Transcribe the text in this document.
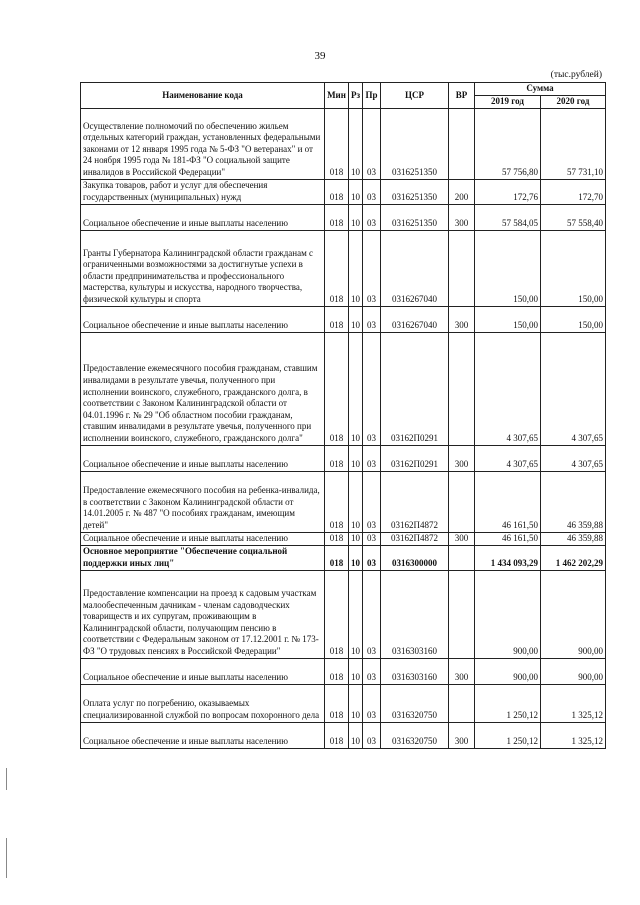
39
(тыс.рублей)
Наименование кода	Мин	Рз	Пр	ЦСР	ВР	Сумма	
						2019 год	2020 год
Осуществление полномочий по обеспечению жильем отдельных категорий граждан, установленных федеральными законами от 12 января 1995 года № 5-ФЗ "О ветеранах" и от 24 ноября 1995 года № 181-ФЗ "О социальной защите инвалидов в Российской Федерации"	018	10	03	0316251350		57 756,80	57 731,10
Закупка товаров, работ и услуг для обеспечения государственных (муниципальных) нужд	018	10	03	0316251350	200	172,76	172,70
Социальное обеспечение и иные выплаты населению	018	10	03	0316251350	300	57 584,05	57 558,40
Гранты Губернатора Калининградской области гражданам с ограниченными возможностями за достигнутые успехи в области предпринимательства и профессионального мастерства, культуры и искусства, народного творчества, физической культуры и спорта	018	10	03	0316267040		150,00	150,00
Социальное обеспечение и иные выплаты населению	018	10	03	0316267040	300	150,00	150,00
Предоставление ежемесячного пособия гражданам, ставшим инвалидами в результате увечья, полученного при исполнении воинского, служебного, гражданского долга, в соответствии с Законом Калининградской области от 04.01.1996 г. № 29 "Об областном пособии гражданам, ставшим инвалидами в результате увечья, полученного при исполнении воинского, служебного, гражданского долга"	018	10	03	03162П0291		4 307,65	4 307,65
Социальное обеспечение и иные выплаты населению	018	10	03	03162П0291	300	4 307,65	4 307,65
Предоставление ежемесячного пособия на ребенка-инвалида, в соответствии с Законом Калининградской области от 14.01.2005 г. № 487 "О пособиях гражданам, имеющим детей"	018	10	03	03162П4872		46 161,50	46 359,88
Социальное обеспечение и иные выплаты населению	018	10	03	03162П4872	300	46 161,50	46 359,88
Основное мероприятие "Обеспечение социальной поддержки иных лиц"	018	10	03	0316300000		1 434 093,29	1 462 202,29
Предоставление компенсации на проезд к садовым участкам малообеспеченным дачникам - членам садоводческих товариществ и их супругам, проживающим в Калининградской области, получающим пенсию в соответствии с Федеральным законом от 17.12.2001 г. № 173-ФЗ "О трудовых пенсиях в Российской Федерации"	018	10	03	0316303160		900,00	900,00
Социальное обеспечение и иные выплаты населению	018	10	03	0316303160	300	900,00	900,00
Оплата услуг по погребению, оказываемых специализированной службой по вопросам похоронного дела	018	10	03	0316320750		1 250,12	1 325,12
Социальное обеспечение и иные выплаты населению	018	10	03	0316320750	300	1 250,12	1 325,12
